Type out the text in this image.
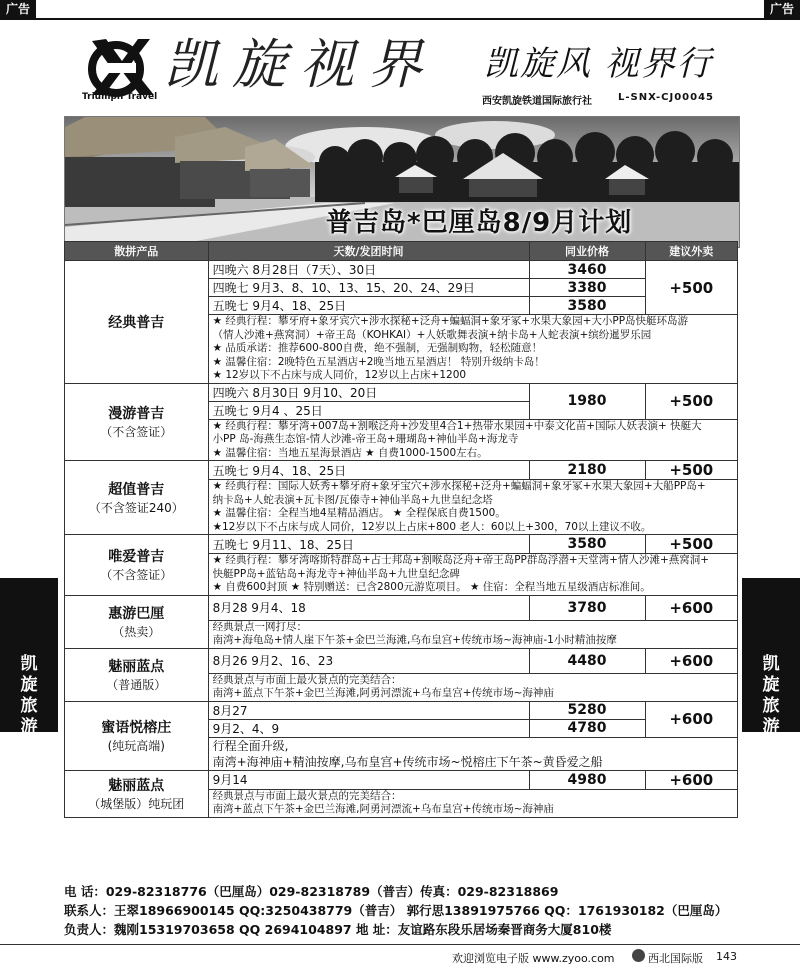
广告	广告
Triumph Travel
凯旋视界 凯旋风 视界行
西安凯旋铁道国际旅行社	L-SNX-CJ00045
普吉岛*巴厘岛8/9月计划
散拼产品	天数/发团时间	同业价格	建议外卖

经典普吉	四晚六 8月28日（7天）、30日	3460	+500
	四晚七 9月3、8、10、13、15、20、24、29日	3380	
	五晚七 9月4、18、25日	3580	

	★ 经典行程：攀牙府+象牙宾穴+涉水探秘+泛舟+蝙蝠洞+象牙冢+水果大象园+大小PP岛快艇环岛游
（情人沙滩+燕窝洞）+帝王岛（KOHKAI）+人妖歌舞表演+纳卡岛+人蛇表演+缤纷暹罗乐园
★ 品质承诺：推荐600-800自费，绝不强制，无强制购物，轻松随意！
★ 温馨住宿：2晚特色五星酒店+2晚当地五星酒店！ 特别升级纳卡岛！
★ 12岁以下不占床与成人同价，12岁以上占床+1200		

漫游普吉
（不含签证）	四晚六 8月30日 9月10、20日	1980	+500
	五晚七 9月4 、25日		

	★ 经典行程：攀牙湾+007岛+割喉泛舟+沙发里4合1+热带水果园+中泰文化苗+国际人妖表演+ 快艇大
小PP 岛-海燕生态馆-情人沙滩-帝王岛+珊瑚岛+神仙半岛+海龙寺
★ 温馨住宿：当地五星海景酒店 ★ 自费1000-1500左右。		

超值普吉
（不含签证240）	五晚七 9月4、18、25日	2180	+500

	★ 经典行程：国际人妖秀+攀牙府+象牙宝穴+涉水探秘+泛舟+蝙蝠洞+象牙冢+水果大象园+大船PP岛+
纳卡岛+人蛇表演+瓦卡图/瓦傣寺+神仙半岛+九世皇纪念塔
★ 温馨住宿：全程当地4星精品酒店。 ★ 全程保底自费1500。
★12岁以下不占床与成人同价，12岁以上占床+800 老人：60以上+300，70以上建议不收。		

唯爱普吉
（不含签证）	五晚七 9月11、18、25日	3580	+500

	★ 经典行程：攀牙湾喀斯特群岛+占士邦岛+割喉岛泛舟+帝王岛PP群岛浮潜+天堂湾+情人沙滩+燕窝洞+
快艇PP岛+蓝钻岛+海龙寺+神仙半岛+九世皇纪念碑
★ 自费600封顶 ★ 特别赠送：已含2800元游览项目。 ★ 住宿：全程当地五星级酒店标准间。		

惠游巴厘
（热卖）	8月28 9月4、18	3780	+600

	经典景点一网打尽：
南湾+海龟岛+情人崖下午茶+金巴兰海滩,乌布皇宫+传统市场~海神庙-1小时精油按摩		

魅丽蓝点
（普通版）	8月26 9月2、16、23	4480	+600

	经典景点与市面上最火景点的完美结合：
南湾+蓝点下午茶+金巴兰海滩,阿勇河漂流+乌布皇宫+传统市场~海神庙		

蜜语悦榕庄
(纯玩高端)	8月27	5280	+600
	9月2、4、9	4780	

	行程全面升级,
南湾+海神庙+精油按摩,乌布皇宫+传统市场~悦榕庄下午茶~黄昏爱之船		

魅丽蓝点
（城堡版）纯玩团	9月14	4980	+600

	经典景点与市面上最火景点的完美结合：
南湾+蓝点下午茶+金巴兰海滩,阿勇河漂流+乌布皇宫+传统市场~海神庙		
凯
旋
旅
游
凯
旋
旅
游
电 话：029-82318776（巴厘岛）029-82318789（普吉）传真：029-82318869
联系人：王翠18966900145 QQ:3250438779（普吉） 郭行思13891975766 QQ：1761930182（巴厘岛）
负责人：魏刚15319703658 QQ 2694104897 地 址：友谊路东段乐居场秦晋商务大厦810楼
欢迎浏览电子版 www.zyoo.com	西北国际版 143
